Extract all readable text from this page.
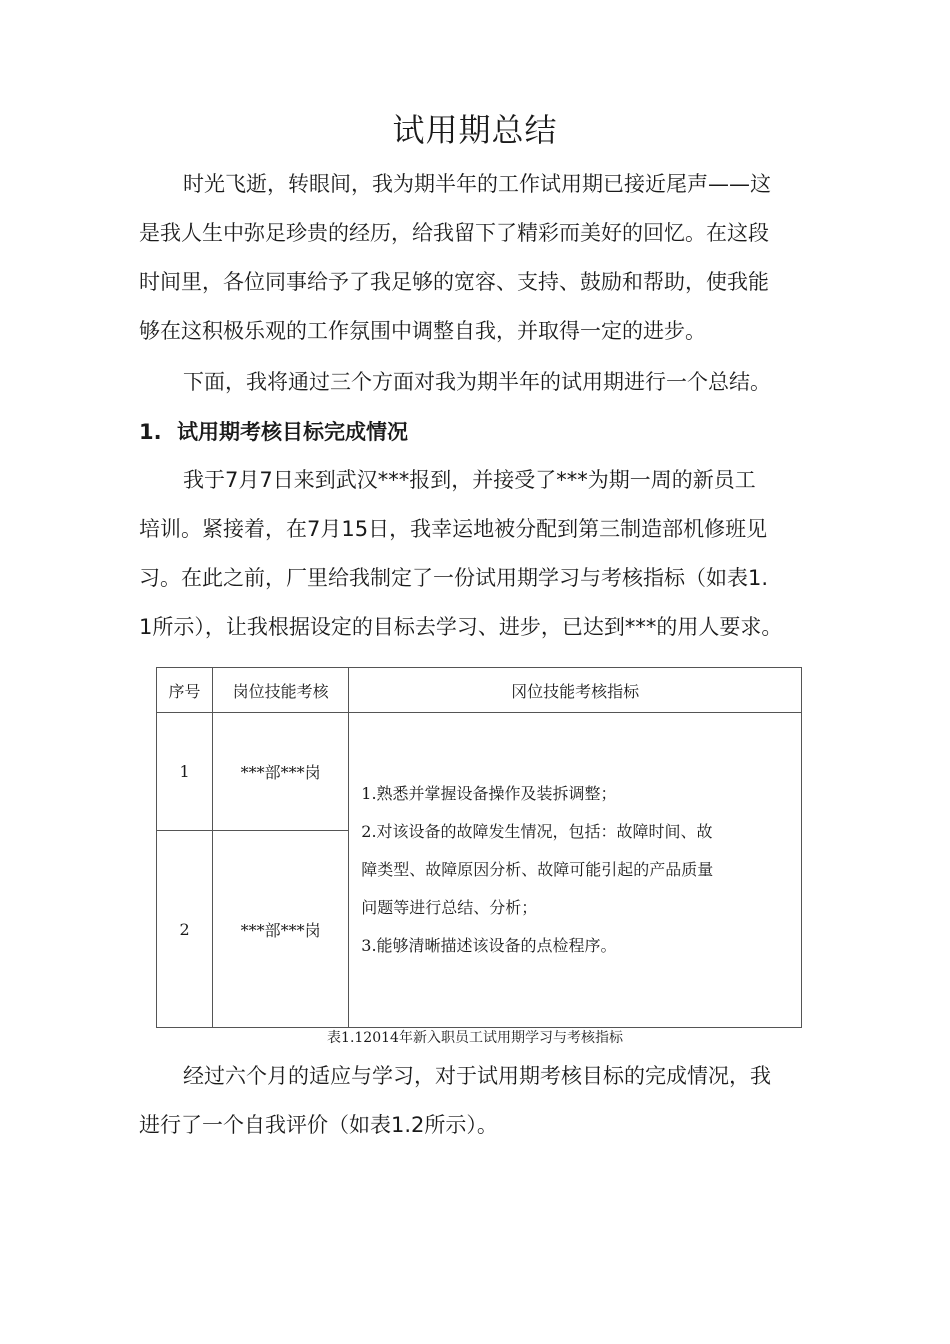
试用期总结

时光飞逝，转眼间，我为期半年的工作试用期已接近尾声——这
是我人生中弥足珍贵的经历，给我留下了精彩而美好的回忆。在这段
时间里，各位同事给予了我足够的宽容、支持、鼓励和帮助，使我能
够在这积极乐观的工作氛围中调整自我，并取得一定的进步。

下面，我将通过三个方面对我为期半年的试用期进行一个总结。

1. 试用期考核目标完成情况

我于7月7日来到武汉***报到，并接受了***为期一周的新员工
培训。紧接着，在7月15日，我幸运地被分配到第三制造部机修班见
习。在此之前，厂里给我制定了一份试用期学习与考核指标（如表1.
1所示），让我根据设定的目标去学习、进步，已达到***的用人要求。

序号	岗位技能考核	冈位技能考核指标
1	***部***岗	1.熟悉并掌握设备操作及装拆调整；
2.对该设备的故障发生情况，包括：故障时间、故
障类型、故障原因分析、故障可能引起的产品质量
问题等进行总结、分析；
3.能够清晰描述该设备的点检程序。

2	***部***岗	
表1.12014年新入职员工试用期学习与考核指标

经过六个月的适应与学习，对于试用期考核目标的完成情况，我
进行了一个自我评价（如表1.2所示）。
